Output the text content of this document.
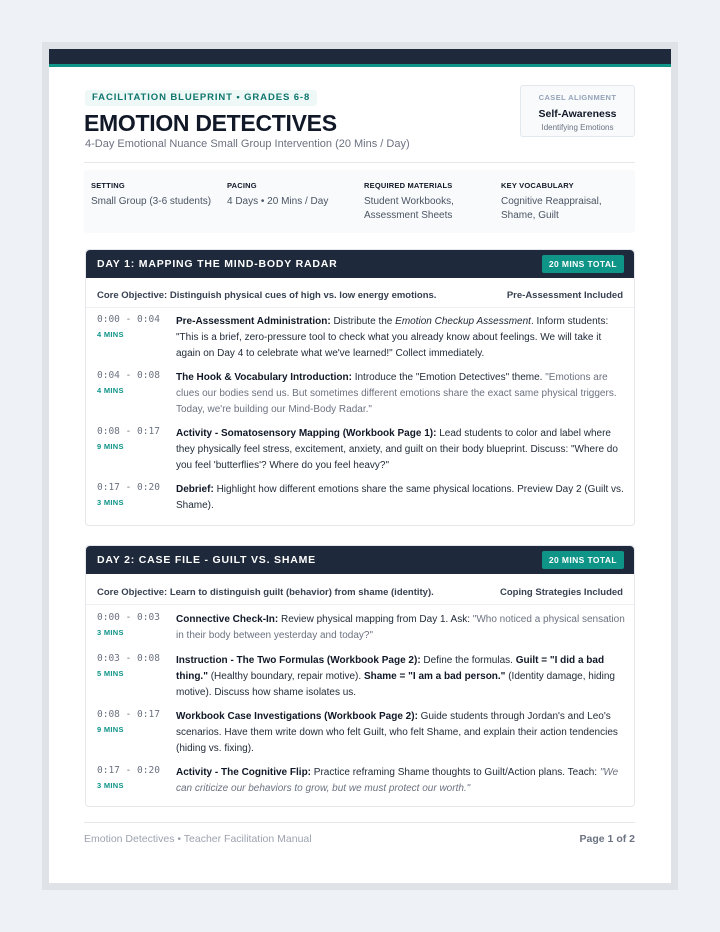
FACILITATION BLUEPRINT • GRADES 6-8
EMOTION DETECTIVES
4-Day Emotional Nuance Small Group Intervention (20 Mins / Day)
CASEL ALIGNMENT
Self-Awareness
Identifying Emotions
SETTING
Small Group (3-6 students)
PACING
4 Days • 20 Mins / Day
REQUIRED MATERIALS
Student Workbooks,
Assessment Sheets
KEY VOCABULARY
Cognitive Reappraisal,
Shame, Guilt
DAY 1: MAPPING THE MIND-BODY RADAR	20 MINS TOTAL
Core Objective: Distinguish physical cues of high vs. low energy emotions.	Pre-Assessment Included
0:00 - 0:04
4 MINS
Pre-Assessment Administration: Distribute the Emotion Checkup Assessment. Inform students: "This is a brief, zero-pressure tool to check what you already know about feelings. We will take it again on Day 4 to celebrate what we've learned!" Collect immediately.
0:04 - 0:08
4 MINS
The Hook & Vocabulary Introduction: Introduce the "Emotion Detectives" theme. "Emotions are clues our bodies send us. But sometimes different emotions share the exact same physical triggers. Today, we're building our Mind-Body Radar."
0:08 - 0:17
9 MINS
Activity - Somatosensory Mapping (Workbook Page 1): Lead students to color and label where they physically feel stress, excitement, anxiety, and guilt on their body blueprint. Discuss: "Where do you feel 'butterflies'? Where do you feel heavy?"
0:17 - 0:20
3 MINS
Debrief: Highlight how different emotions share the same physical locations. Preview Day 2 (Guilt vs. Shame).
DAY 2: CASE FILE - GUILT VS. SHAME	20 MINS TOTAL
Core Objective: Learn to distinguish guilt (behavior) from shame (identity).	Coping Strategies Included
0:00 - 0:03
3 MINS
Connective Check-In: Review physical mapping from Day 1. Ask: "Who noticed a physical sensation in their body between yesterday and today?"
0:03 - 0:08
5 MINS
Instruction - The Two Formulas (Workbook Page 2): Define the formulas. Guilt = "I did a bad thing." (Healthy boundary, repair motive). Shame = "I am a bad person." (Identity damage, hiding motive). Discuss how shame isolates us.
0:08 - 0:17
9 MINS
Workbook Case Investigations (Workbook Page 2): Guide students through Jordan's and Leo's scenarios. Have them write down who felt Guilt, who felt Shame, and explain their action tendencies (hiding vs. fixing).
0:17 - 0:20
3 MINS
Activity - The Cognitive Flip: Practice reframing Shame thoughts to Guilt/Action plans. Teach: "We can criticize our behaviors to grow, but we must protect our worth."
Emotion Detectives • Teacher Facilitation Manual	Page 1 of 2
